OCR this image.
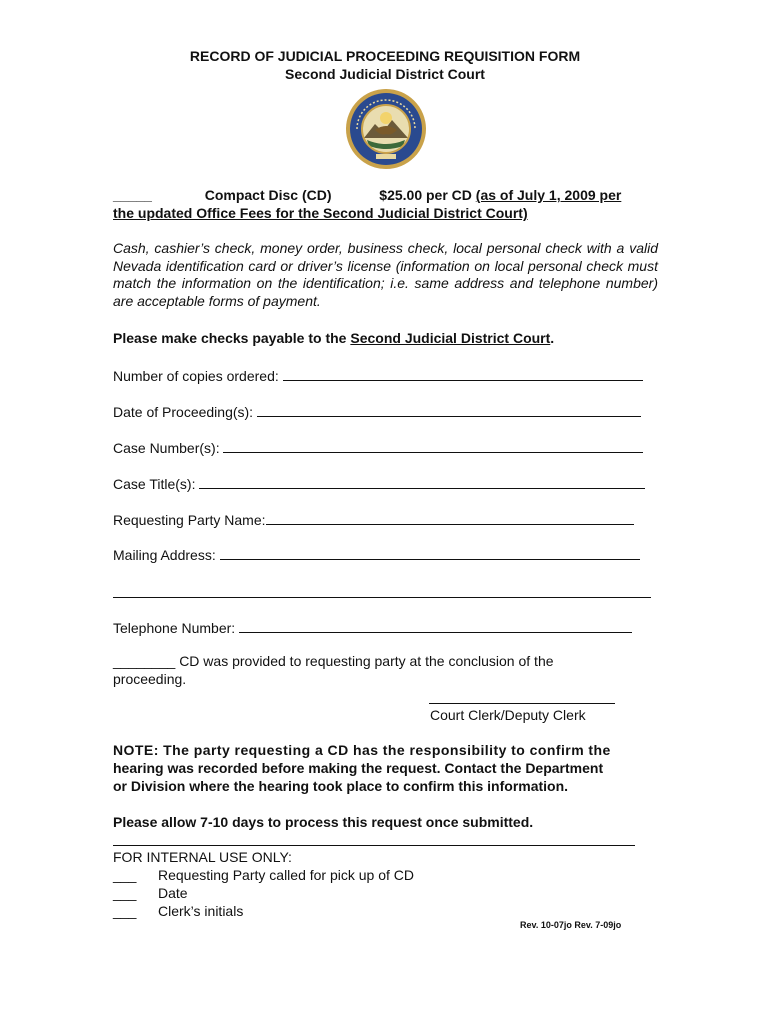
RECORD OF JUDICIAL PROCEEDING REQUISITION FORM
Second Judicial District Court
_____	Compact Disc (CD)	$25.00 per CD (as of July 1, 2009 per
the updated Office Fees for the Second Judicial District Court)
Cash, cashier’s check, money order, business check, local personal check with a valid Nevada identification card or driver’s license (information on local personal check must match the information on the identification; i.e. same address and telephone number) are acceptable forms of payment.
Please make checks payable to the Second Judicial District Court.
Number of copies ordered:
Date of Proceeding(s):
Case Number(s):
Case Title(s):
Requesting Party Name:
Mailing Address:
Telephone Number:
________ CD was provided to requesting party at the conclusion of the
proceeding.
Court Clerk/Deputy Clerk
NOTE: The party requesting a CD has the responsibility to confirm the
hearing was recorded before making the request. Contact the Department
or Division where the hearing took place to confirm this information.
Please allow 7-10 days to process this request once submitted.
FOR INTERNAL USE ONLY:
___ Requesting Party called for pick up of CD
___ Date
___ Clerk’s initials
Rev. 10-07jo Rev. 7-09jo
